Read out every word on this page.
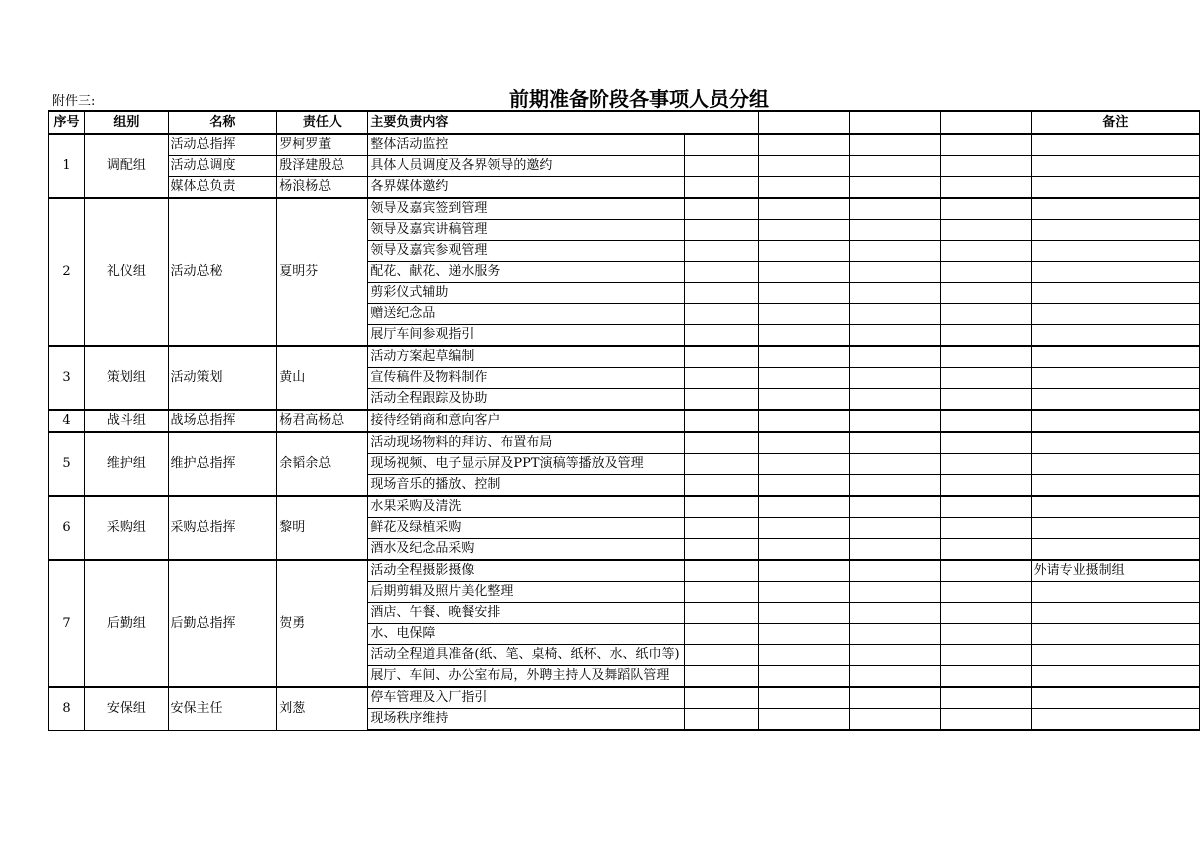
附件三:	前期准备阶段各事项人员分组
序号	组别	名称	责任人	主要负责内容					备注
1	调配组	活动总指挥	罗柯罗董	整体活动监控					
		活动总调度	殷泽建殷总	具体人员调度及各界领导的邀约					
		媒体总负责	杨浪杨总	各界媒体邀约					
2	礼仪组	活动总秘	夏明芬	领导及嘉宾签到管理					
				领导及嘉宾讲稿管理					
				领导及嘉宾参观管理					
				配花、献花、递水服务					
				剪彩仪式辅助					
				赠送纪念品					
				展厅车间参观指引					
3	策划组	活动策划	黄山	活动方案起草编制					
				宣传稿件及物料制作					
				活动全程跟踪及协助					
4	战斗组	战场总指挥	杨君高杨总	接待经销商和意向客户					
5	维护组	维护总指挥	余韬余总	活动现场物料的拜访、布置布局					
				现场视频、电子显示屏及PPT演稿等播放及管理					
				现场音乐的播放、控制					
6	采购组	采购总指挥	黎明	水果采购及清洗					
				鲜花及绿植采购					
				酒水及纪念品采购					
7	后勤组	后勤总指挥	贺勇	活动全程摄影摄像					外请专业摄制组
				后期剪辑及照片美化整理					
				酒店、午餐、晚餐安排					
				水、电保障					
				活动全程道具准备(纸、笔、桌椅、纸杯、水、纸巾等)					
				展厅、车间、办公室布局，外聘主持人及舞蹈队管理					
8	安保组	安保主任	刘葱	停车管理及入厂指引					
				现场秩序维持					
